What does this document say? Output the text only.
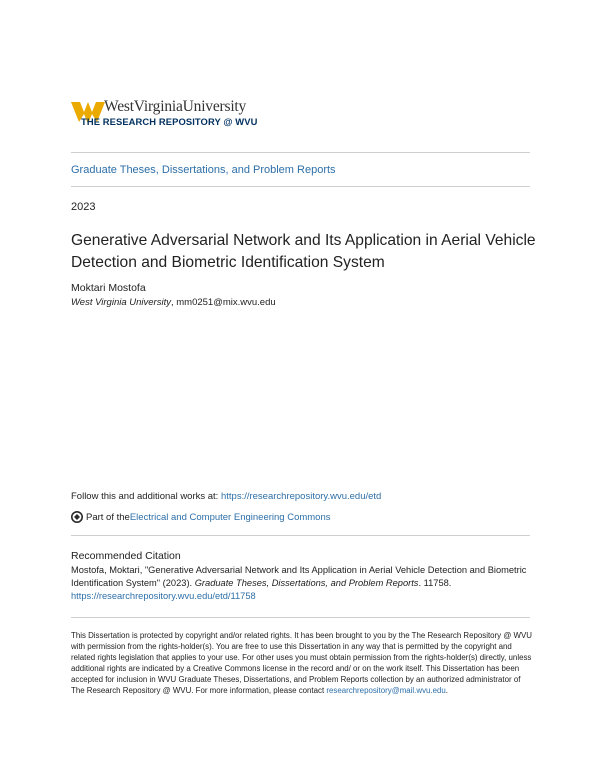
WestVirginiaUniversity
THE RESEARCH REPOSITORY @ WVU
Graduate Theses, Dissertations, and Problem Reports
2023
Generative Adversarial Network and Its Application in Aerial Vehicle Detection and Biometric Identification System
Moktari Mostofa
West Virginia University, mm0251@mix.wvu.edu
Follow this and additional works at: https://researchrepository.wvu.edu/etd
Part of the Electrical and Computer Engineering Commons
Recommended Citation

Mostofa, Moktari, "Generative Adversarial Network and Its Application in Aerial Vehicle Detection and Biometric Identification System" (2023). Graduate Theses, Dissertations, and Problem Reports. 11758.
https://researchrepository.wvu.edu/etd/11758

This Dissertation is protected by copyright and/or related rights. It has been brought to you by the The Research Repository @ WVU with permission from the rights-holder(s). You are free to use this Dissertation in any way that is permitted by the copyright and related rights legislation that applies to your use. For other uses you must obtain permission from the rights-holder(s) directly, unless additional rights are indicated by a Creative Commons license in the record and/ or on the work itself. This Dissertation has been accepted for inclusion in WVU Graduate Theses, Dissertations, and Problem Reports collection by an authorized administrator of The Research Repository @ WVU. For more information, please contact researchrepository@mail.wvu.edu.
